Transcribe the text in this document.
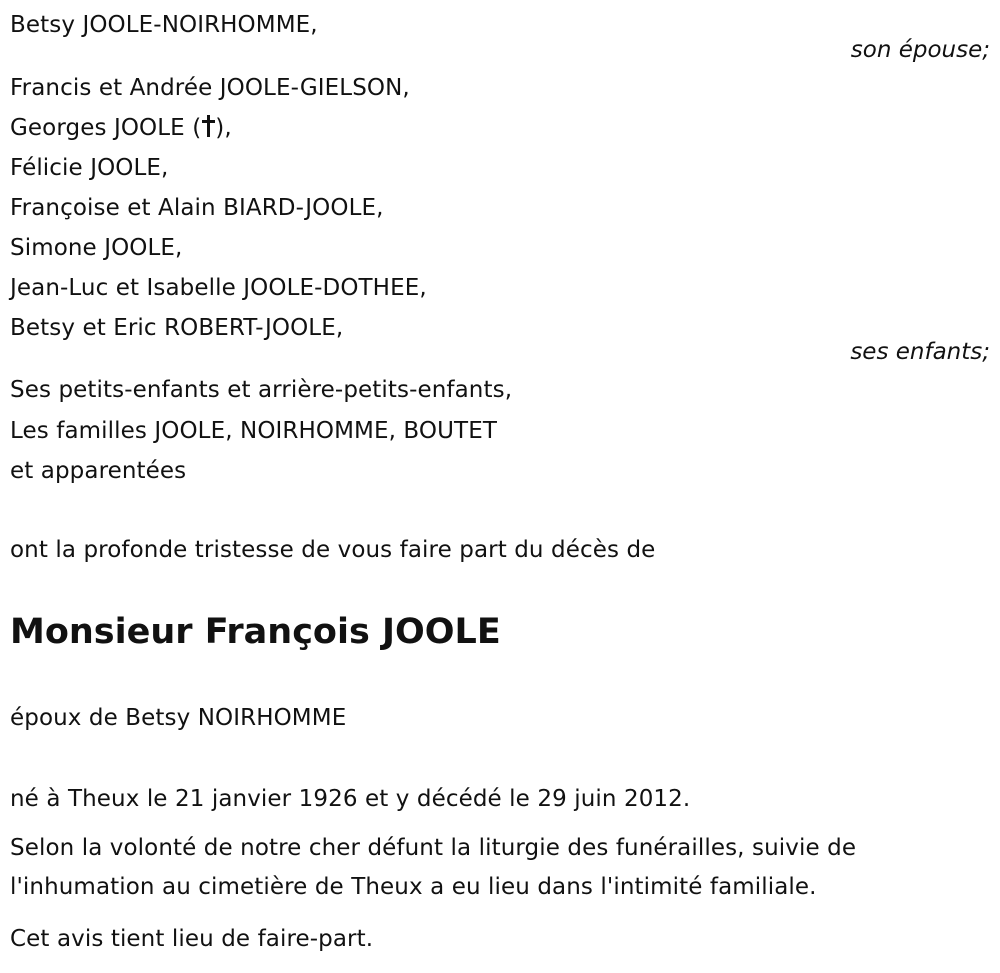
Betsy JOOLE-NOIRHOMME,
son épouse;
Francis et Andrée JOOLE-GIELSON,
Georges JOOLE ( ),
Félicie JOOLE,
Françoise et Alain BIARD-JOOLE,
Simone JOOLE,
Jean-Luc et Isabelle JOOLE-DOTHEE,
Betsy et Eric ROBERT-JOOLE,
ses enfants;
Ses petits-enfants et arrière-petits-enfants,
Les familles JOOLE, NOIRHOMME, BOUTET
et apparentées
ont la profonde tristesse de vous faire part du décès de
Monsieur François JOOLE
époux de Betsy NOIRHOMME
né à Theux le 21 janvier 1926 et y décédé le 29 juin 2012.
Selon la volonté de notre cher défunt la liturgie des funérailles, suivie de
l'inhumation au cimetière de Theux a eu lieu dans l'intimité familiale.
Cet avis tient lieu de faire-part.
